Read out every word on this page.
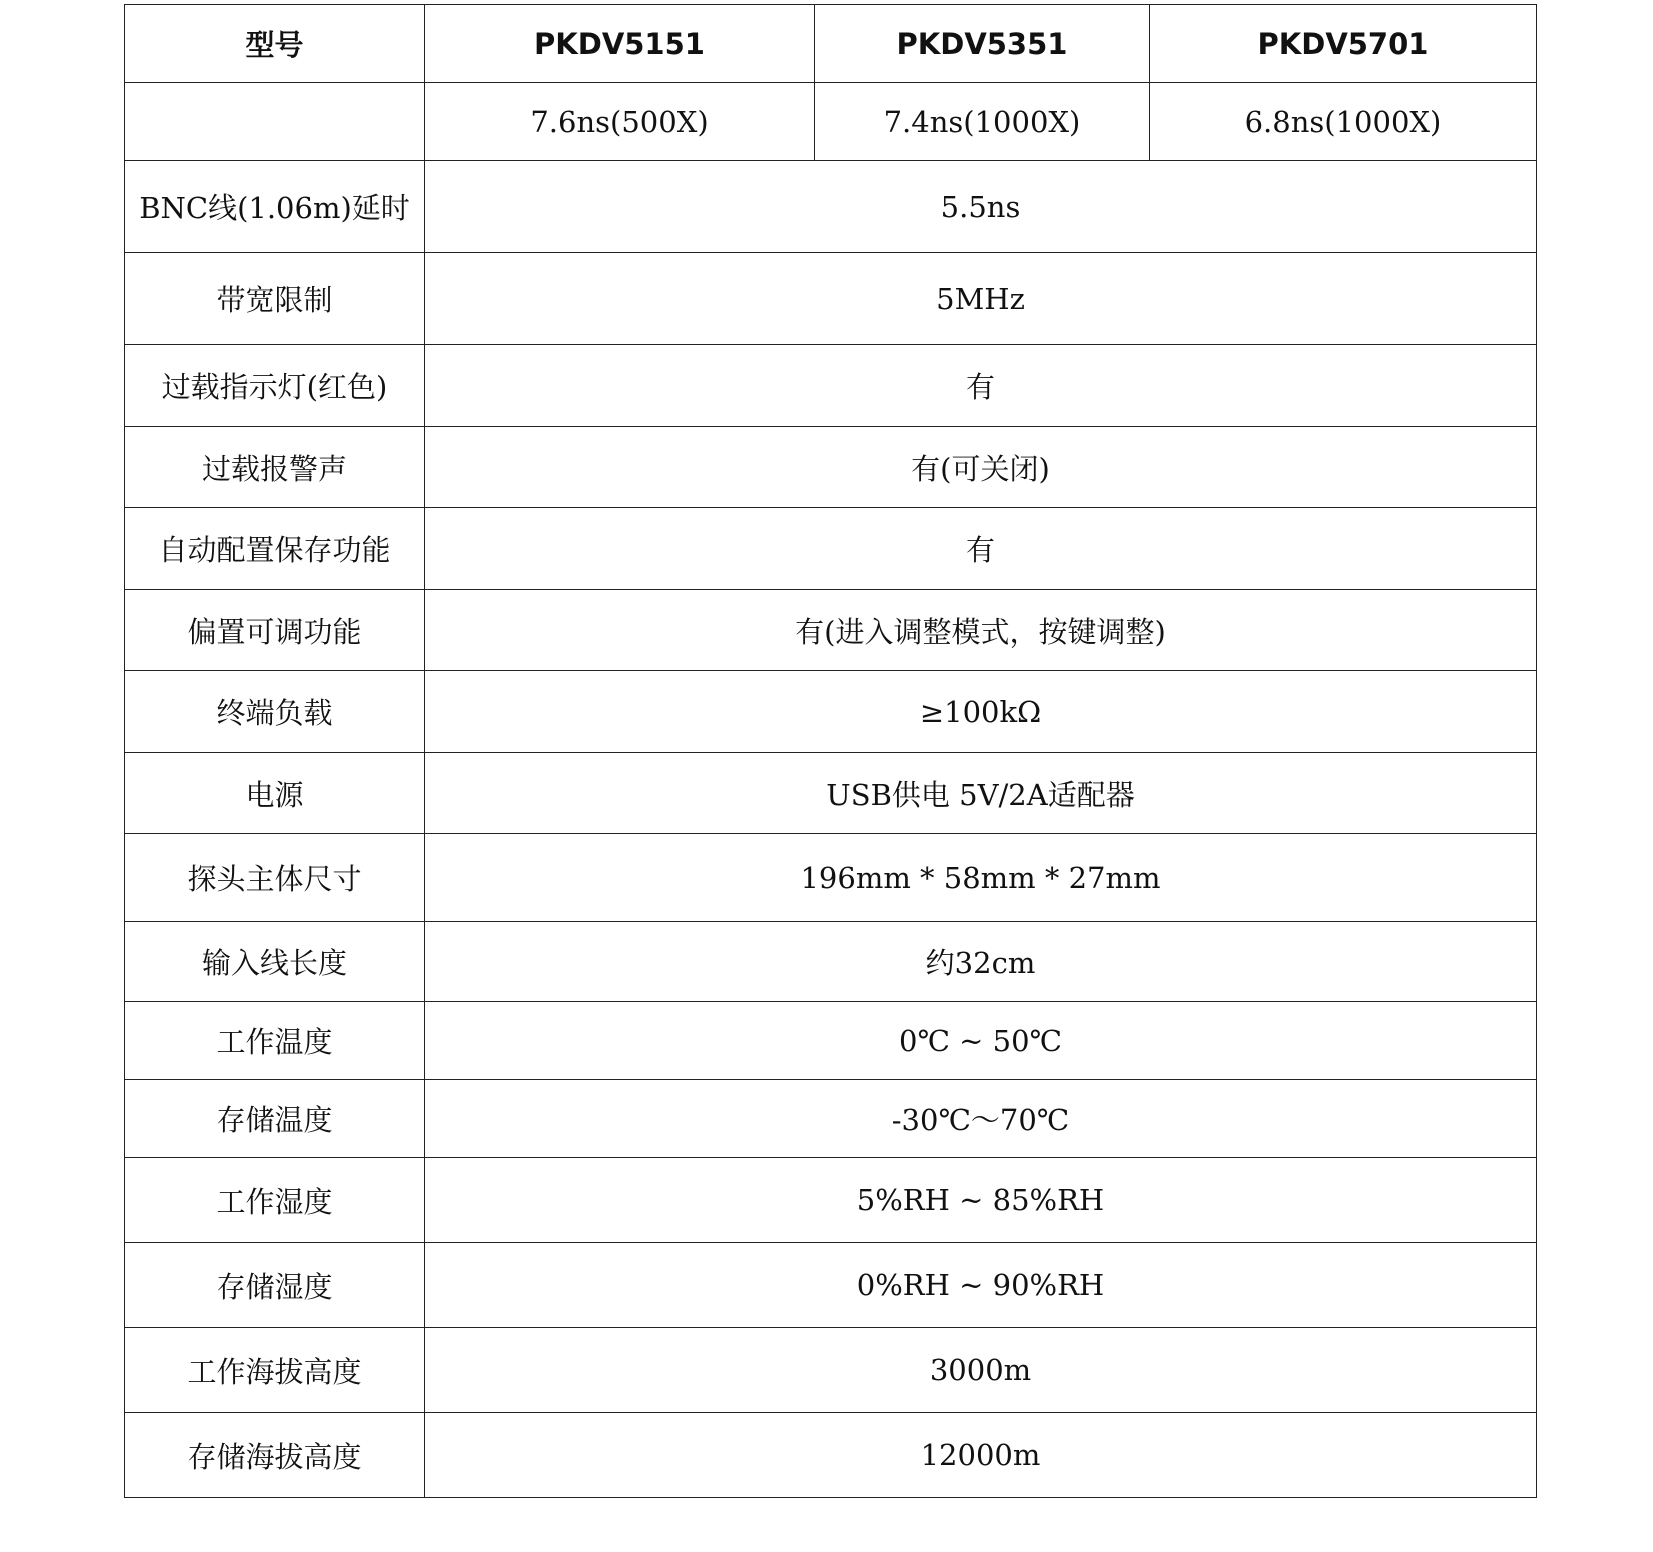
型号	PKDV5151	PKDV5351	PKDV5701
	7.6ns(500X)	7.4ns(1000X)	6.8ns(1000X)
BNC线(1.06m)延时	5.5ns		
带宽限制	5MHz		
过载指示灯(红色)	有		
过载报警声	有(可关闭)		
自动配置保存功能	有		
偏置可调功能	有(进入调整模式，按键调整)		
终端负载	≥100kΩ		
电源	USB供电 5V/2A适配器		
探头主体尺寸	196mm * 58mm * 27mm		
输入线长度	约32cm		
工作温度	0℃ ~ 50℃		
存储温度	-30℃～70℃		
工作湿度	5%RH ~ 85%RH		
存储湿度	0%RH ~ 90%RH		
工作海拔高度	3000m		
存储海拔高度	12000m		
